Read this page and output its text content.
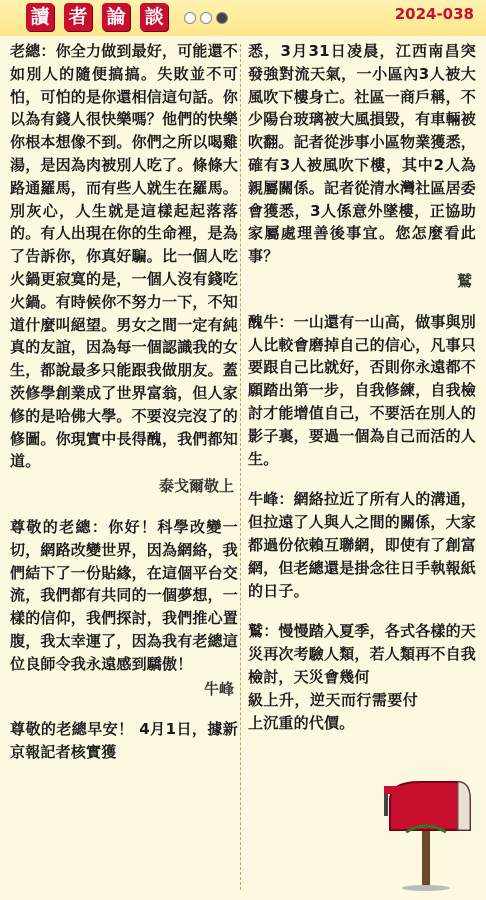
讀 者 論 談	2024-038

老總：你全力做到最好，可能還不如別人的隨便搞搞。失敗並不可怕，可怕的是你還相信這句話。你以為有錢人很快樂嗎？他們的快樂你根本想像不到。你們之所以喝雞湯，是因為肉被別人吃了。條條大路通羅馬，而有些人就生在羅馬。別灰心，人生就是這樣起起落落的。有人出現在你的生命裡，是為了告訴你，你真好騙。比一個人吃火鍋更寂寞的是，一個人沒有錢吃火鍋。有時候你不努力一下，不知道什麼叫絕望。男女之間一定有純真的友誼，因為每一個認識我的女生，都說最多只能跟我做朋友。蓋茨修學創業成了世界富翁，但人家修的是哈佛大學。不要沒完沒了的修圖。你現實中長得醜，我們都知道。

泰戈爾敬上

尊敬的老總：你好！科學改變一切，網路改變世界，因為網絡，我們結下了一份貼緣，在這個平台交流，我們都有共同的一個夢想，一樣的信仰，我們探討，我們推心置腹，我太幸運了，因為我有老總這位良師令我永遠感到驕傲！

牛峰

尊敬的老總早安！ 4月1日，據新京報記者核實獲

悉，3月31日凌晨，江西南昌突發強對流天氣，一小區內3人被大風吹下樓身亡。社區一商戶稱，不少陽台玻璃被大風損毀，有車輛被吹翻。記者從涉事小區物業獲悉，確有3人被風吹下樓，其中2人為親屬關係。記者從清水灣社區居委會獲悉，3人係意外墜樓，正協助家屬處理善後事宜。您怎麼看此事？

鷲

醜牛：一山還有一山高，做事與別人比較會磨掉自己的信心，凡事只要跟自己比就好，否則你永遠都不願踏出第一步，自我修練，自我檢討才能增值自己，不要活在別人的影子裏，要過一個為自己而活的人生。

牛峰：網絡拉近了所有人的溝通，但拉遠了人與人之間的關係，大家都過份依賴互聯網，即使有了創富網，但老總還是掛念往日手執報紙的日子。

鷲：慢慢踏入夏季，各式各樣的天災再次考驗人類，若人類再不自我檢討，天災會幾何

級上升，逆天而行需要付上沉重的代價。
